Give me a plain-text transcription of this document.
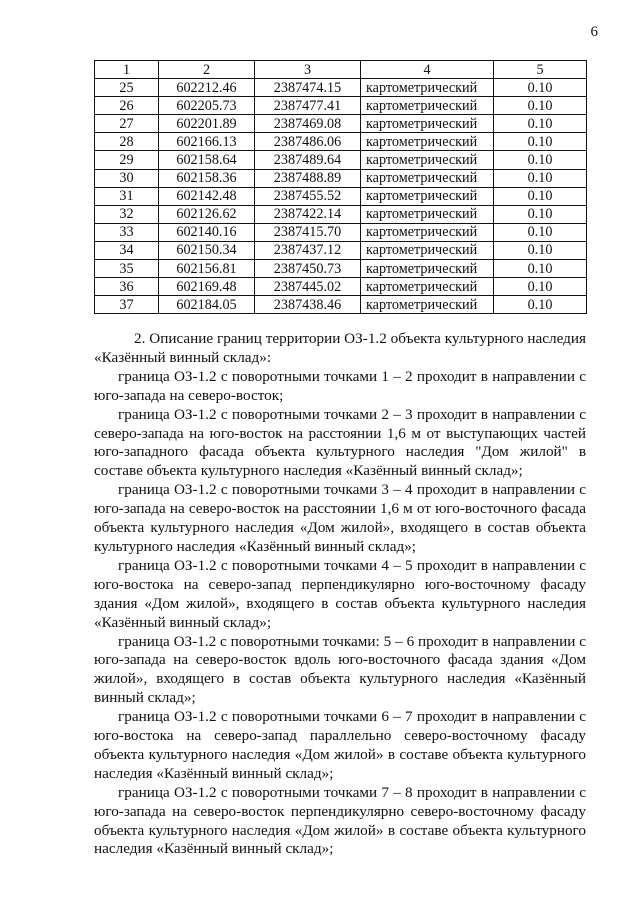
6
1	2	3	4	5
25	602212.46	2387474.15	картометрический	0.10
26	602205.73	2387477.41	картометрический	0.10
27	602201.89	2387469.08	картометрический	0.10
28	602166.13	2387486.06	картометрический	0.10
29	602158.64	2387489.64	картометрический	0.10
30	602158.36	2387488.89	картометрический	0.10
31	602142.48	2387455.52	картометрический	0.10
32	602126.62	2387422.14	картометрический	0.10
33	602140.16	2387415.70	картометрический	0.10
34	602150.34	2387437.12	картометрический	0.10
35	602156.81	2387450.73	картометрический	0.10
36	602169.48	2387445.02	картометрический	0.10
37	602184.05	2387438.46	картометрический	0.10

2. Описание границ территории ОЗ-1.2 объекта культурного наследия «Казённый винный склад»:

граница ОЗ-1.2 с поворотными точками 1 – 2 проходит в направлении с юго-запада на северо-восток;

граница ОЗ-1.2 с поворотными точками 2 – 3 проходит в направлении с северо-запада на юго-восток на расстоянии 1,6 м от выступающих частей юго-западного фасада объекта культурного наследия "Дом жилой" в составе объекта культурного наследия «Казённый винный склад»;

граница ОЗ-1.2 с поворотными точками 3 – 4 проходит в направлении с юго-запада на северо-восток на расстоянии 1,6 м от юго-восточного фасада объекта культурного наследия «Дом жилой», входящего в состав объекта культурного наследия «Казённый винный склад»;

граница ОЗ-1.2 с поворотными точками 4 – 5 проходит в направлении с юго-востока на северо-запад перпендикулярно юго-восточному фасаду здания «Дом жилой», входящего в состав объекта культурного наследия «Казённый винный склад»;

граница ОЗ-1.2 с поворотными точками: 5 – 6 проходит в направлении с юго-запада на северо-восток вдоль юго-восточного фасада здания «Дом жилой», входящего в состав объекта культурного наследия «Казённый винный склад»;

граница ОЗ-1.2 с поворотными точками 6 – 7 проходит в направлении с юго-востока на северо-запад параллельно северо-восточному фасаду объекта культурного наследия «Дом жилой» в составе объекта культурного наследия «Казённый винный склад»;

граница ОЗ-1.2 с поворотными точками 7 – 8 проходит в направлении с юго-запада на северо-восток перпендикулярно северо-восточному фасаду объекта культурного наследия «Дом жилой» в составе объекта культурного наследия «Казённый винный склад»;
